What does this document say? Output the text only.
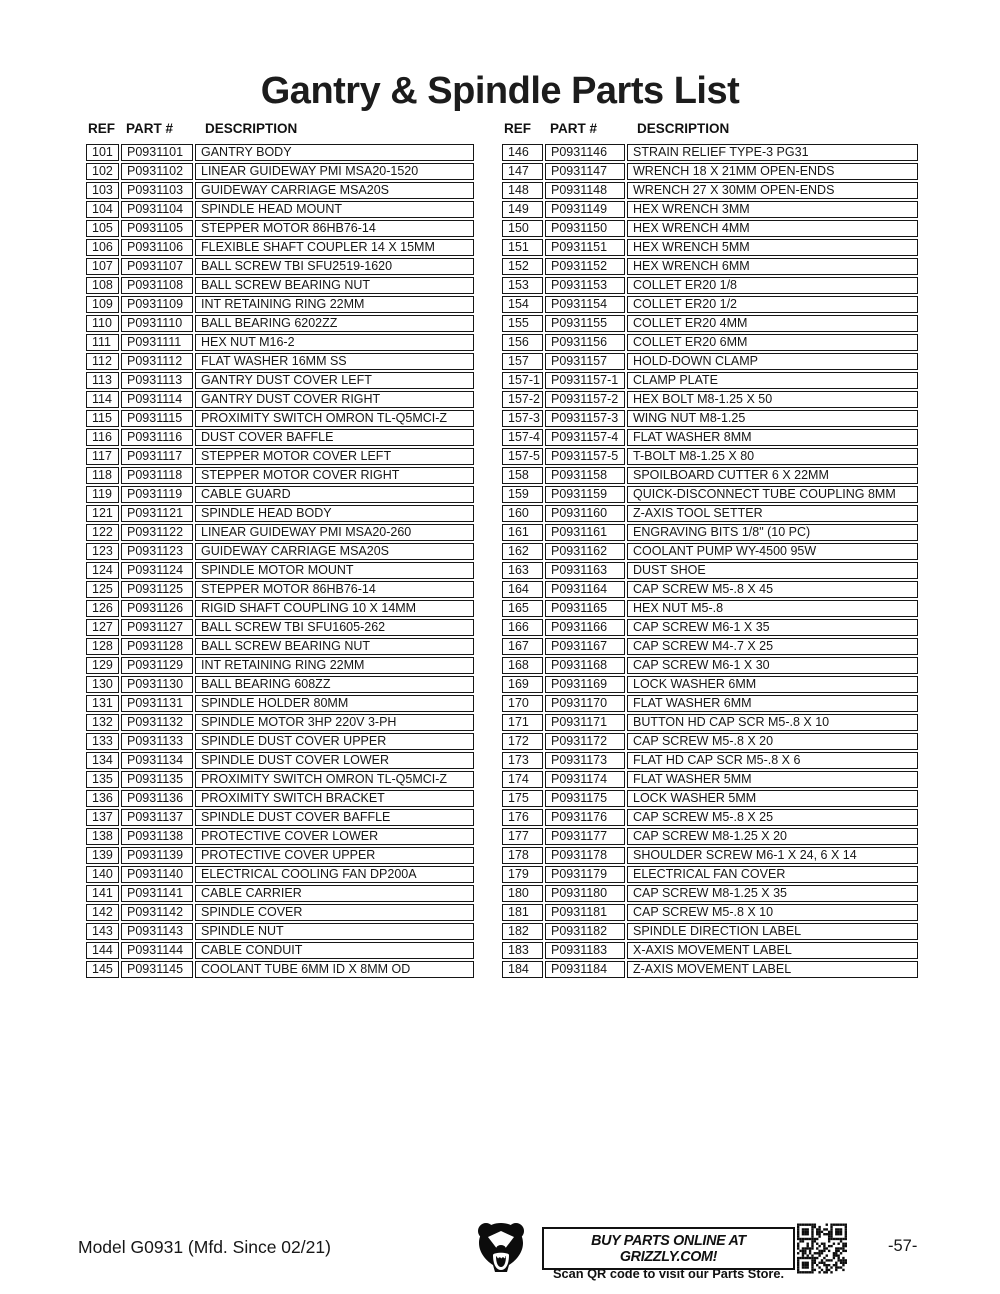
Gantry & Spindle Parts List
REF PART #	DESCRIPTION
101	P0931101	GANTRY BODY
102	P0931102	LINEAR GUIDEWAY PMI MSA20-1520
103	P0931103	GUIDEWAY CARRIAGE MSA20S
104	P0931104	SPINDLE HEAD MOUNT
105	P0931105	STEPPER MOTOR 86HB76-14
106	P0931106	FLEXIBLE SHAFT COUPLER 14 X 15MM
107	P0931107	BALL SCREW TBI SFU2519-1620
108	P0931108	BALL SCREW BEARING NUT
109	P0931109	INT RETAINING RING 22MM
110	P0931110	BALL BEARING 6202ZZ
111	P0931111	HEX NUT M16-2
112	P0931112	FLAT WASHER 16MM SS
113	P0931113	GANTRY DUST COVER LEFT
114	P0931114	GANTRY DUST COVER RIGHT
115	P0931115	PROXIMITY SWITCH OMRON TL-Q5MCI-Z
116	P0931116	DUST COVER BAFFLE
117	P0931117	STEPPER MOTOR COVER LEFT
118	P0931118	STEPPER MOTOR COVER RIGHT
119	P0931119	CABLE GUARD
121	P0931121	SPINDLE HEAD BODY
122	P0931122	LINEAR GUIDEWAY PMI MSA20-260
123	P0931123	GUIDEWAY CARRIAGE MSA20S
124	P0931124	SPINDLE MOTOR MOUNT
125	P0931125	STEPPER MOTOR 86HB76-14
126	P0931126	RIGID SHAFT COUPLING 10 X 14MM
127	P0931127	BALL SCREW TBI SFU1605-262
128	P0931128	BALL SCREW BEARING NUT
129	P0931129	INT RETAINING RING 22MM
130	P0931130	BALL BEARING 608ZZ
131	P0931131	SPINDLE HOLDER 80MM
132	P0931132	SPINDLE MOTOR 3HP 220V 3-PH
133	P0931133	SPINDLE DUST COVER UPPER
134	P0931134	SPINDLE DUST COVER LOWER
135	P0931135	PROXIMITY SWITCH OMRON TL-Q5MCI-Z
136	P0931136	PROXIMITY SWITCH BRACKET
137	P0931137	SPINDLE DUST COVER BAFFLE
138	P0931138	PROTECTIVE COVER LOWER
139	P0931139	PROTECTIVE COVER UPPER
140	P0931140	ELECTRICAL COOLING FAN DP200A
141	P0931141	CABLE CARRIER
142	P0931142	SPINDLE COVER
143	P0931143	SPINDLE NUT
144	P0931144	CABLE CONDUIT
145	P0931145	COOLANT TUBE 6MM ID X 8MM OD
REF	PART #	DESCRIPTION
146	P0931146	STRAIN RELIEF TYPE-3 PG31
147	P0931147	WRENCH 18 X 21MM OPEN-ENDS
148	P0931148	WRENCH 27 X 30MM OPEN-ENDS
149	P0931149	HEX WRENCH 3MM
150	P0931150	HEX WRENCH 4MM
151	P0931151	HEX WRENCH 5MM
152	P0931152	HEX WRENCH 6MM
153	P0931153	COLLET ER20 1/8
154	P0931154	COLLET ER20 1/2
155	P0931155	COLLET ER20 4MM
156	P0931156	COLLET ER20 6MM
157	P0931157	HOLD-DOWN CLAMP
157-1	P0931157-1	CLAMP PLATE
157-2	P0931157-2	HEX BOLT M8-1.25 X 50
157-3	P0931157-3	WING NUT M8-1.25
157-4	P0931157-4	FLAT WASHER 8MM
157-5	P0931157-5	T-BOLT M8-1.25 X 80
158	P0931158	SPOILBOARD CUTTER 6 X 22MM
159	P0931159	QUICK-DISCONNECT TUBE COUPLING 8MM
160	P0931160	Z-AXIS TOOL SETTER
161	P0931161	ENGRAVING BITS 1/8" (10 PC)
162	P0931162	COOLANT PUMP WY-4500 95W
163	P0931163	DUST SHOE
164	P0931164	CAP SCREW M5-.8 X 45
165	P0931165	HEX NUT M5-.8
166	P0931166	CAP SCREW M6-1 X 35
167	P0931167	CAP SCREW M4-.7 X 25
168	P0931168	CAP SCREW M6-1 X 30
169	P0931169	LOCK WASHER 6MM
170	P0931170	FLAT WASHER 6MM
171	P0931171	BUTTON HD CAP SCR M5-.8 X 10
172	P0931172	CAP SCREW M5-.8 X 20
173	P0931173	FLAT HD CAP SCR M5-.8 X 6
174	P0931174	FLAT WASHER 5MM
175	P0931175	LOCK WASHER 5MM
176	P0931176	CAP SCREW M5-.8 X 25
177	P0931177	CAP SCREW M8-1.25 X 20
178	P0931178	SHOULDER SCREW M6-1 X 24, 6 X 14
179	P0931179	ELECTRICAL FAN COVER
180	P0931180	CAP SCREW M8-1.25 X 35
181	P0931181	CAP SCREW M5-.8 X 10
182	P0931182	SPINDLE DIRECTION LABEL
183	P0931183	X-AXIS MOVEMENT LABEL
184	P0931184	Z-AXIS MOVEMENT LABEL
Model G0931 (Mfd. Since 02/21)	BUY PARTS ONLINE AT GRIZZLY.COM!
Scan QR code to visit our Parts Store.
-57-
